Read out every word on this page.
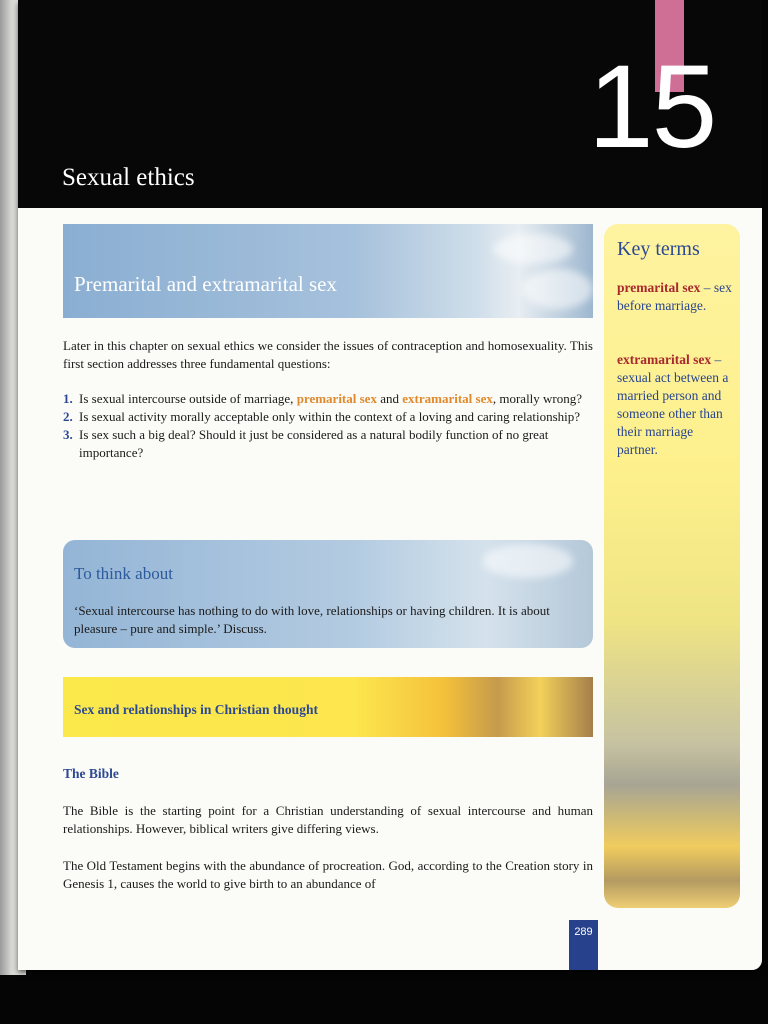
15
Sexual ethics
Premarital and extramarital sex
Later in this chapter on sexual ethics we consider the issues of contraception and homosexuality. This first section addresses three fundamental questions:
1. Is sexual intercourse outside of marriage, premarital sex and extramarital sex, morally wrong?
2. Is sexual activity morally acceptable only within the context of a loving and caring relationship?
3. Is sex such a big deal? Should it just be considered as a natural bodily function of no great importance?
To think about
‘Sexual intercourse has nothing to do with love, relationships or having children. It is about pleasure – pure and simple.’ Discuss.
Sex and relationships in Christian thought
The Bible
The Bible is the starting point for a Christian understanding of sexual intercourse and human relationships. However, biblical writers give differing views.
The Old Testament begins with the abundance of procreation. God, according to the Creation story in Genesis 1, causes the world to give birth to an abundance of
Key terms
premarital sex – sex before marriage.
extramarital sex – sexual act between a married person and someone other than their marriage partner.
289
